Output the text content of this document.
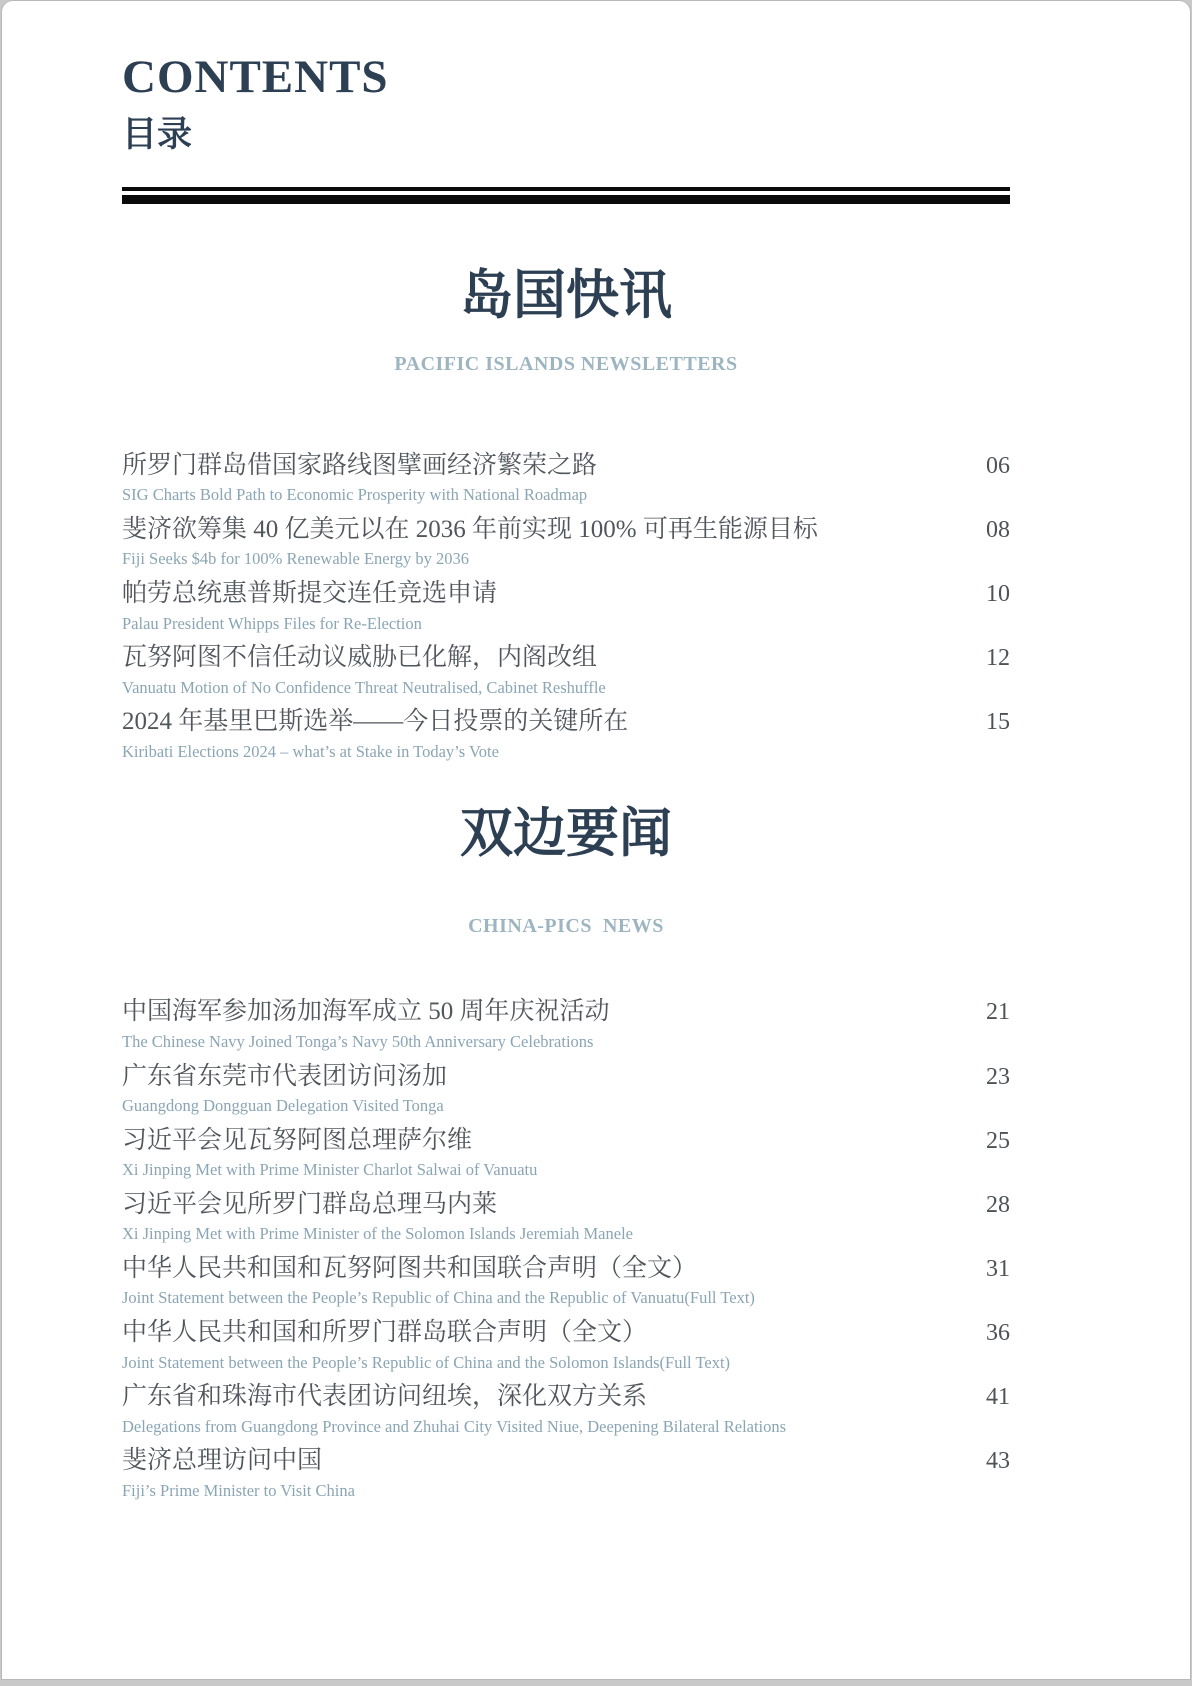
CONTENTS
目录
岛国快讯
PACIFIC ISLANDS NEWSLETTERS
所罗门群岛借国家路线图擘画经济繁荣之路
SIG Charts Bold Path to Economic Prosperity with National Roadmap
06
斐济欲筹集 40 亿美元以在 2036 年前实现 100% 可再生能源目标
Fiji Seeks $4b for 100% Renewable Energy by 2036
08
帕劳总统惠普斯提交连任竞选申请
Palau President Whipps Files for Re-Election
10
瓦努阿图不信任动议威胁已化解，内阁改组
Vanuatu Motion of No Confidence Threat Neutralised, Cabinet Reshuffle
12
2024 年基里巴斯选举——今日投票的关键所在
Kiribati Elections 2024 – what’s at Stake in Today’s Vote
15
双边要闻
CHINA-PICS  NEWS
中国海军参加汤加海军成立 50 周年庆祝活动
The Chinese Navy Joined Tonga’s Navy 50th Anniversary Celebrations
21
广东省东莞市代表团访问汤加
Guangdong Dongguan Delegation Visited Tonga
23
习近平会见瓦努阿图总理萨尔维
Xi Jinping Met with Prime Minister Charlot Salwai of Vanuatu
25
习近平会见所罗门群岛总理马内莱
Xi Jinping Met with Prime Minister of the Solomon Islands Jeremiah Manele
28
中华人民共和国和瓦努阿图共和国联合声明（全文）
Joint Statement between the People’s Republic of China and the Republic of Vanuatu(Full Text)
31
中华人民共和国和所罗门群岛联合声明（全文）
Joint Statement between the People’s Republic of China and the Solomon Islands(Full Text)
36
广东省和珠海市代表团访问纽埃，深化双方关系
Delegations from Guangdong Province and Zhuhai City Visited Niue, Deepening Bilateral Relations
41
斐济总理访问中国
Fiji’s Prime Minister to Visit China
43
